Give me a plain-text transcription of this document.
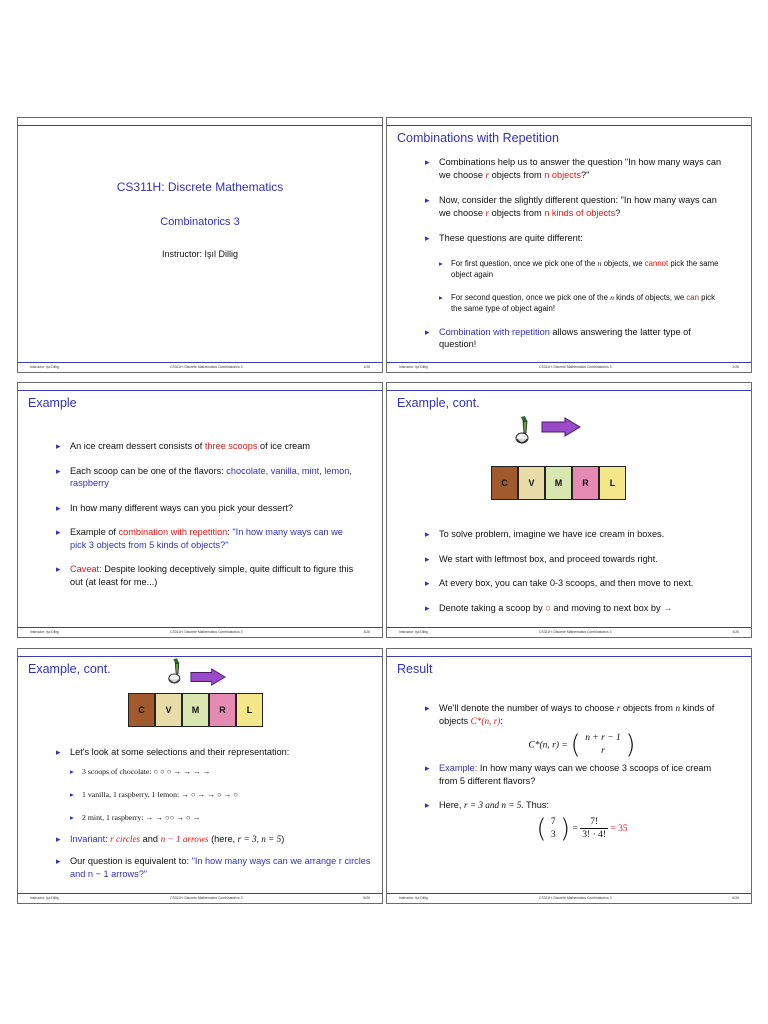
CS311H: Discrete Mathematics
Combinatorics 3
Instructor: Işıl Dillig
Instructor: Işıl Dillig	CS311H: Discrete Mathematics Combinatorics 3	1/26
Combinations with Repetition
▸ Combinations help us to answer the question "In how many ways can we choose r objects from n objects?"
▸ Now, consider the slightly different question: "In how many ways can we choose r objects from n kinds of objects?
▸ These questions are quite different:
▸ For first question, once we pick one of the n objects, we cannot pick the same object again
▸ For second question, once we pick one of the n kinds of objects, we can pick the same type of object again!
▸ Combination with repetition allows answering the latter type of question!
Instructor: Işıl Dillig	CS311H: Discrete Mathematics Combinatorics 3	2/26
Example
▸ An ice cream dessert consists of three scoops of ice cream
▸ Each scoop can be one of the flavors: chocolate, vanilla, mint, lemon, raspberry
▸ In how many different ways can you pick your dessert?
▸ Example of combination with repetition: "In how many ways can we pick 3 objects from 5 kinds of objects?"
▸ Caveat: Despite looking deceptively simple, quite difficult to figure this out (at least for me...)
Instructor: Işıl Dillig	CS311H: Discrete Mathematics Combinatorics 3	3/26
Example, cont.
C	V	M	R	L
▸ To solve problem, imagine we have ice cream in boxes.
▸ We start with leftmost box, and proceed towards right.
▸ At every box, you can take 0-3 scoops, and then move to next.
▸ Denote taking a scoop by ○ and moving to next box by →
Instructor: Işıl Dillig	CS311H: Discrete Mathematics Combinatorics 3	4/26
Example, cont.
C	V	M	R	L
▸ Let's look at some selections and their representation:
▸ 3 scoops of chocolate: ○ ○ ○ → → → →
▸ 1 vanilla, 1 raspberry, 1 lemon: → ○ → → ○ → ○
▸ 2 mint, 1 raspberry: → → ○○ → ○ →
▸ Invariant: r circles and n − 1 arrows (here, r = 3, n = 5)
▸ Our question is equivalent to: "In how many ways can we arrange r circles and n − 1 arrows?"
Instructor: Işıl Dillig	CS311H: Discrete Mathematics Combinatorics 3	5/26
Result
▸ We'll denote the number of ways to choose r objects from n kinds of objects C*(n, r):
C*(n, r) = ( n + r − 1
r )
▸ Example: In how many ways can we choose 3 scoops of ice cream from 5 different flavors?
▸ Here, r = 3 and n = 5. Thus:
( 7
3 ) = $\frac{7!}{3! \cdot 4!} = 35$
Instructor: Işıl Dillig	CS311H: Discrete Mathematics Combinatorics 3	6/26
